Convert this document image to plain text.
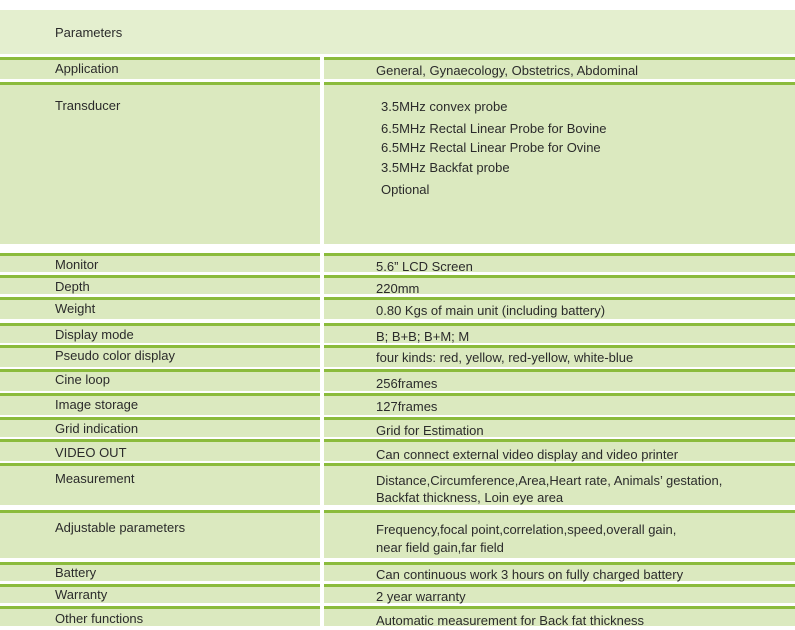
Parameters
Application	General, Gynaecology, Obstetrics, Abdominal
Transducer	3.5MHz convex probe
6.5MHz Rectal Linear Probe for Bovine
6.5MHz Rectal Linear Probe for Ovine
3.5MHz Backfat probe
Optional
Monitor	5.6” LCD Screen
Depth	220mm
Weight	0.80 Kgs of main unit (including battery)
Display mode	B; B+B; B+M; M
Pseudo color display	four kinds: red, yellow, red-yellow, white-blue
Cine loop	256frames
Image storage	127frames
Grid indication	Grid for Estimation
VIDEO OUT	Can connect external video display and video printer
Measurement	Distance,Circumference,Area,Heart rate, Animals’ gestation,
Backfat thickness, Loin eye area
Adjustable parameters	Frequency,focal point,correlation,speed,overall gain,
near field gain,far field
Battery	Can continuous work 3 hours on fully charged battery
Warranty	2 year warranty
Other functions	Automatic measurement for Back fat thickness
